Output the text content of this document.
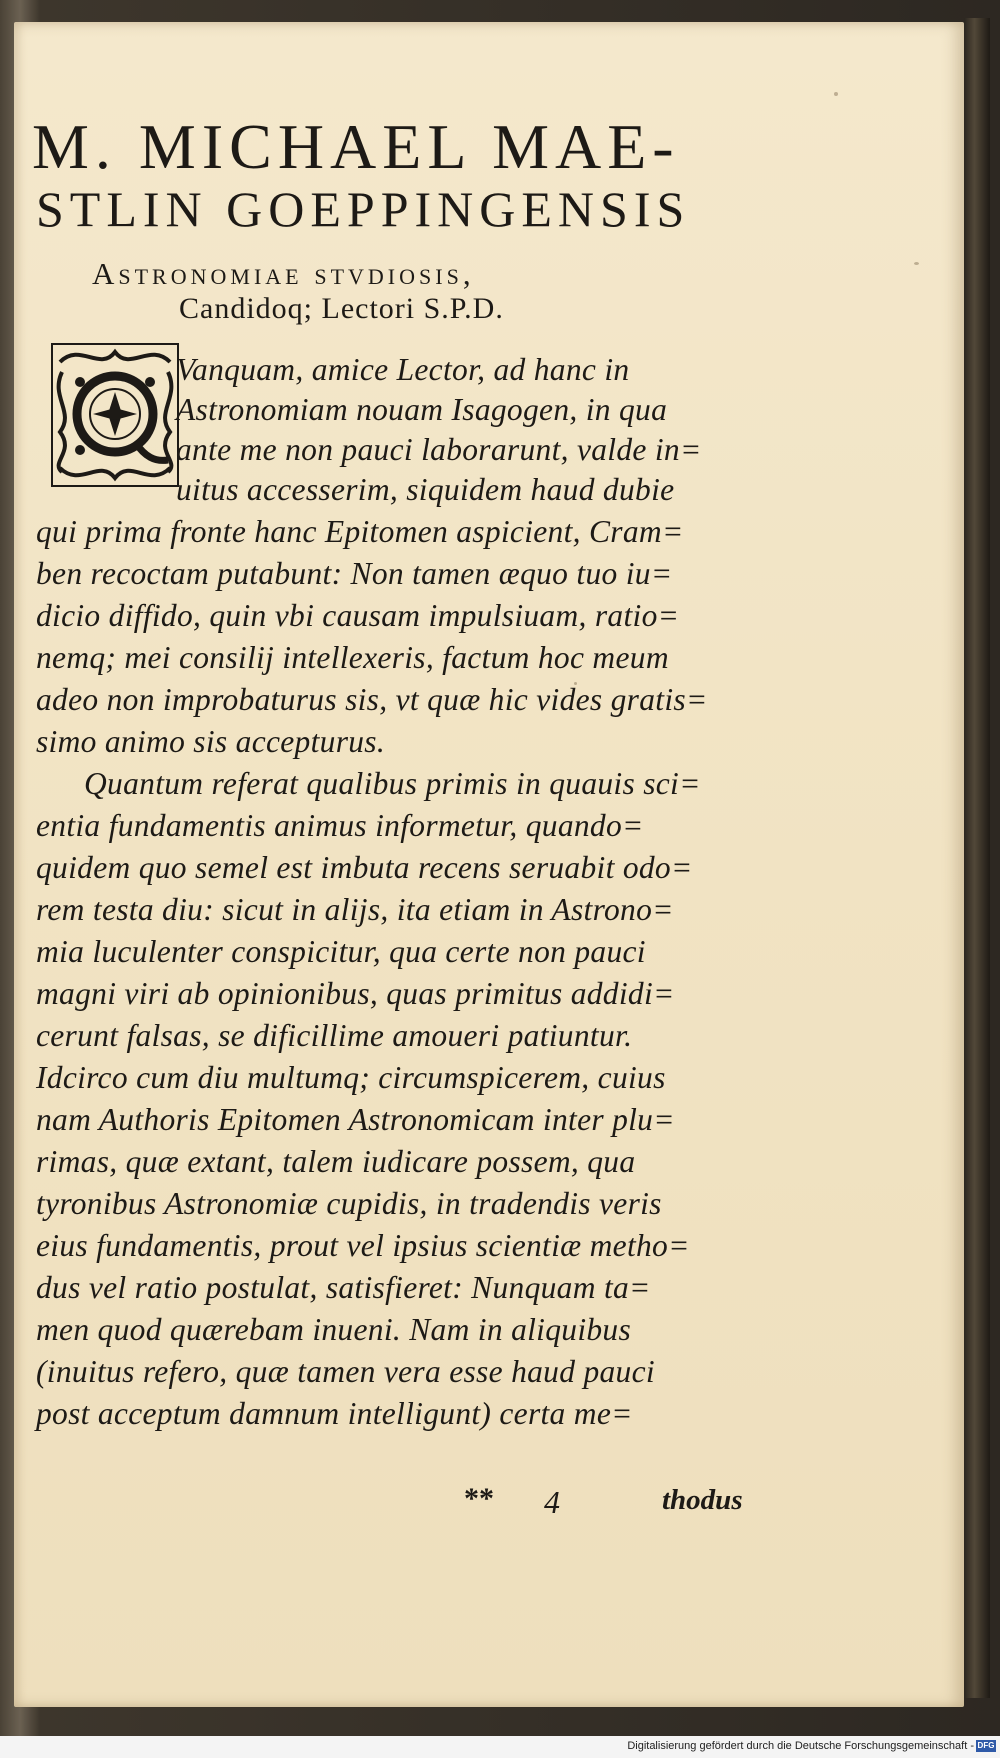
M. MICHAEL MAE-
STLIN GOEPPINGENSIS
Astronomiae stvdiosis,
Candidoq; Lectori S.P.D.
Vanquam, amice Lector, ad hanc in
Astronomiam nouam Isagogen, in qua
ante me non pauci laborarunt, valde in=
uitus accesserim, siquidem haud dubie
qui prima fronte hanc Epitomen aspicient, Cram=
ben recoctam putabunt: Non tamen æquo tuo iu=
dicio diffido, quin vbi causam impulsiuam, ratio=
nemq; mei consilij intellexeris, factum hoc meum
adeo non improbaturus sis, vt quæ hic vides gratis=
simo animo sis accepturus.
Quantum referat qualibus primis in quauis sci=
entia fundamentis animus informetur, quando=
quidem quo semel est imbuta recens seruabit odo=
rem testa diu: sicut in alijs, ita etiam in Astrono=
mia luculenter conspicitur, qua certe non pauci
magni viri ab opinionibus, quas primitus addidi=
cerunt falsas, se dificillime amoueri patiuntur.
Idcirco cum diu multumq; circumspicerem, cuius
nam Authoris Epitomen Astronomicam inter plu=
rimas, quæ extant, talem iudicare possem, qua
tyronibus Astronomiæ cupidis, in tradendis veris
eius fundamentis, prout vel ipsius scientiæ metho=
dus vel ratio postulat, satisfieret: Nunquam ta=
men quod quærebam inueni. Nam in aliquibus
(inuitus refero, quæ tamen vera esse haud pauci
post acceptum damnum intelligunt) certa me=
** 4	thodus
Digitalisierung gefördert durch die Deutsche Forschungsgemeinschaft - DFG
